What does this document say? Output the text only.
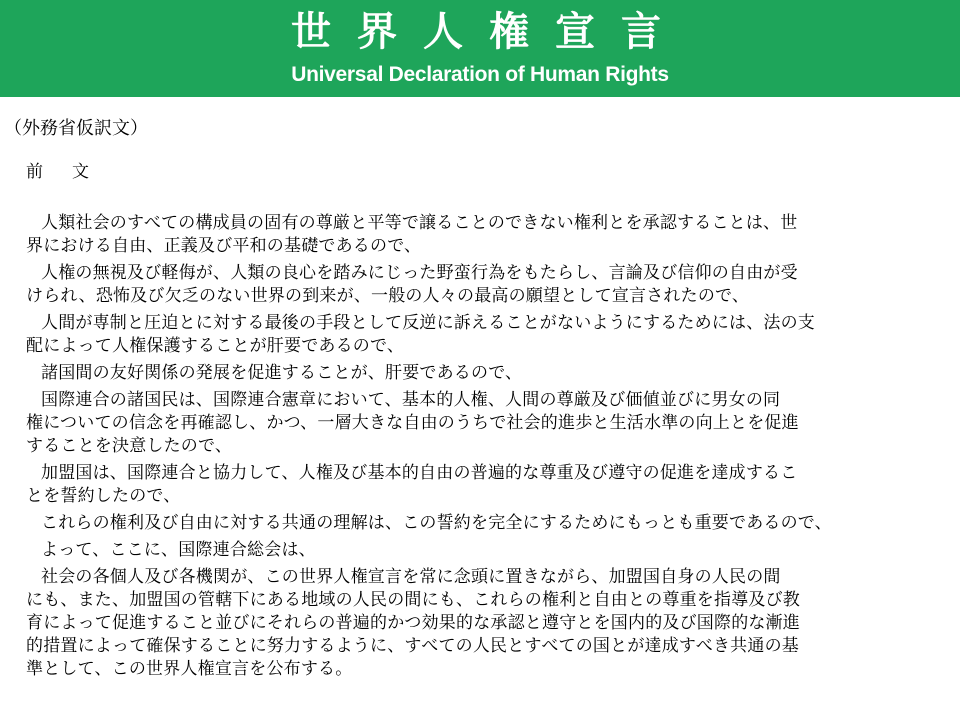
世界人権宣言
Universal Declaration of Human Rights
（外務省仮訳文）
前文

人類社会のすべての構成員の固有の尊厳と平等で譲ることのできない権利とを承認することは、世
界における自由、正義及び平和の基礎であるので、

人権の無視及び軽侮が、人類の良心を踏みにじった野蛮行為をもたらし、言論及び信仰の自由が受
けられ、恐怖及び欠乏のない世界の到来が、一般の人々の最高の願望として宣言されたので、

人間が専制と圧迫とに対する最後の手段として反逆に訴えることがないようにするためには、法の支
配によって人権保護することが肝要であるので、

諸国間の友好関係の発展を促進することが、肝要であるので、

国際連合の諸国民は、国際連合憲章において、基本的人権、人間の尊厳及び価値並びに男女の同
権についての信念を再確認し、かつ、一層大きな自由のうちで社会的進歩と生活水準の向上とを促進
することを決意したので、

加盟国は、国際連合と協力して、人権及び基本的自由の普遍的な尊重及び遵守の促進を達成するこ
とを誓約したので、

これらの権利及び自由に対する共通の理解は、この誓約を完全にするためにもっとも重要であるので、

よって、ここに、国際連合総会は、

社会の各個人及び各機関が、この世界人権宣言を常に念頭に置きながら、加盟国自身の人民の間
にも、また、加盟国の管轄下にある地域の人民の間にも、これらの権利と自由との尊重を指導及び教
育によって促進すること並びにそれらの普遍的かつ効果的な承認と遵守とを国内的及び国際的な漸進
的措置によって確保することに努力するように、すべての人民とすべての国とが達成すべき共通の基
準として、この世界人権宣言を公布する。
